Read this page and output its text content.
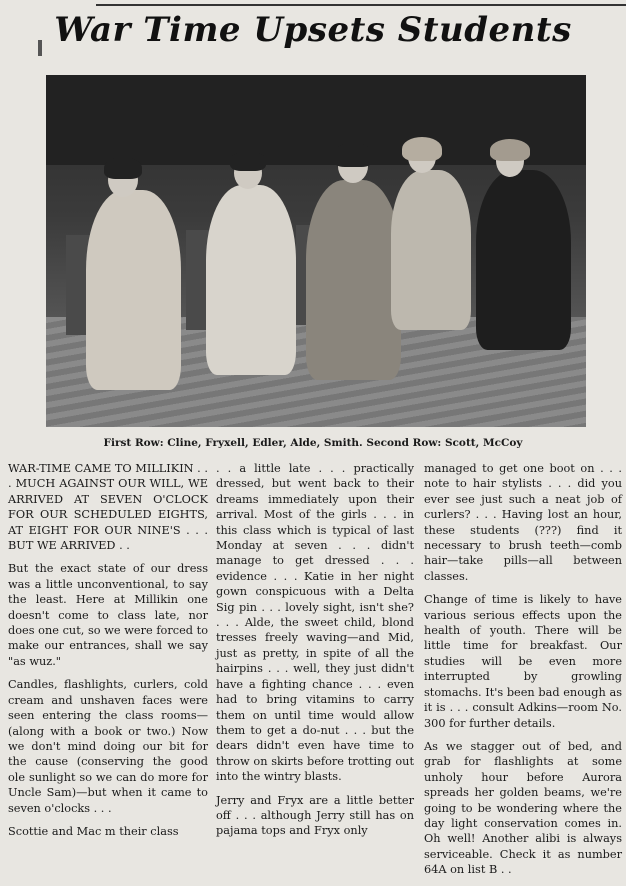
War Time Upsets Students
First Row: Cline, Fryxell, Edler, Alde, Smith. Second Row: Scott, McCoy

WAR-TIME CAME TO MILLIKIN . . . MUCH AGAINST OUR WILL, WE ARRIVED AT SEVEN O'CLOCK FOR OUR SCHEDULED EIGHTS, AT EIGHT FOR OUR NINE'S . . . BUT WE ARRIVED . .

But the exact state of our dress was a little unconventional, to say the least. Here at Millikin one doesn't come to class late, nor does one cut, so we were forced to make our entrances, shall we say "as wuz."

Candles, flashlights, curlers, cold cream and unshaven faces were seen entering the class rooms—(along with a book or two.) Now we don't mind doing our bit for the cause (conserving the good ole sunlight so we can do more for Uncle Sam)—but when it came to seven o'clocks . . .

Scottie and Mac m their class

. . a little late . . . practically dressed, but went back to their dreams immediately upon their arrival. Most of the girls . . . in this class which is typical of last Monday at seven . . . didn't manage to get dressed . . . evidence . . . Katie in her night gown conspicuous with a Delta Sig pin . . . lovely sight, isn't she? . . . Alde, the sweet child, blond tresses freely waving—and Mid, just as pretty, in spite of all the hairpins . . . well, they just didn't have a fighting chance . . . even had to bring vitamins to carry them on until time would allow them to get a do-nut . . . but the dears didn't even have time to throw on skirts before trotting out into the wintry blasts.

Jerry and Fryx are a little better off . . . although Jerry still has on pajama tops and Fryx only

managed to get one boot on . . . note to hair stylists . . . did you ever see just such a neat job of curlers? . . . Having lost an hour, these students (???) find it necessary to brush teeth—comb hair—take pills—all between classes.

Change of time is likely to have various serious effects upon the health of youth. There will be little time for breakfast. Our studies will be even more interrupted by growling stomachs. It's been bad enough as it is . . . consult Adkins—room No. 300 for further details.

As we stagger out of bed, and grab for flashlights at some unholy hour before Aurora spreads her golden beams, we're going to be wondering where the day light conservation comes in. Oh well! Another alibi is always serviceable. Check it as number 64A on list B . .
